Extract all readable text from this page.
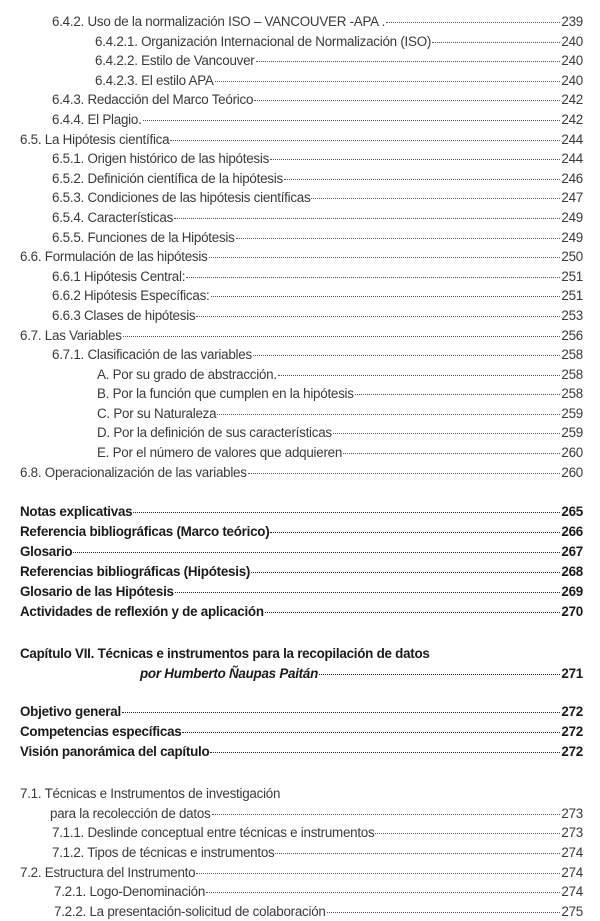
6.4.2. Uso de la normalización ISO – VANCOUVER -APA .	239
6.4.2.1. Organización Internacional de Normalización (ISO)	240
6.4.2.2. Estilo de Vancouver	240
6.4.2.3. El estilo APA	240
6.4.3. Redacción del Marco Teórico	242
6.4.4. El Plagio.	242
6.5. La Hipótesis científica	244
6.5.1. Origen histórico de las hipótesis	244
6.5.2. Definición científica de la hipótesis	246
6.5.3. Condiciones de las hipótesis científicas	247
6.5.4. Características	249
6.5.5. Funciones de la Hipótesis	249
6.6. Formulación de las hipótesis	250
6.6.1 Hipótesis Central:	251
6.6.2 Hipótesis Específicas:	251
6.6.3 Clases de hipótesis	253
6.7. Las Variables	256
6.7.1. Clasificación de las variables	258
A. Por su grado de abstracción.	258
B. Por la función que cumplen en la hipótesis	258
C. Por su Naturaleza	259
D. Por la definición de sus características	259
E. Por el número de valores que adquieren	260
6.8. Operacionalización de las variables	260
Notas explicativas	265
Referencia bibliográficas (Marco teórico)	266
Glosario	267
Referencias bibliográficas (Hipótesis)	268
Glosario de las Hipótesis	269
Actividades de reflexión y de aplicación	270
Capítulo VII. Técnicas e instrumentos para la recopilación de datos
por Humberto Ñaupas Paitán	271
Objetivo general	272
Competencias específicas	272
Visión panorámica del capítulo	272
7.1. Técnicas e Instrumentos de investigación
para la recolección de datos	273
7.1.1. Deslinde conceptual entre técnicas e instrumentos	273
7.1.2. Tipos de técnicas e instrumentos	274
7.2. Estructura del Instrumento	274
7.2.1. Logo-Denominación	274
7.2.2. La presentación-solicitud de colaboración	275
